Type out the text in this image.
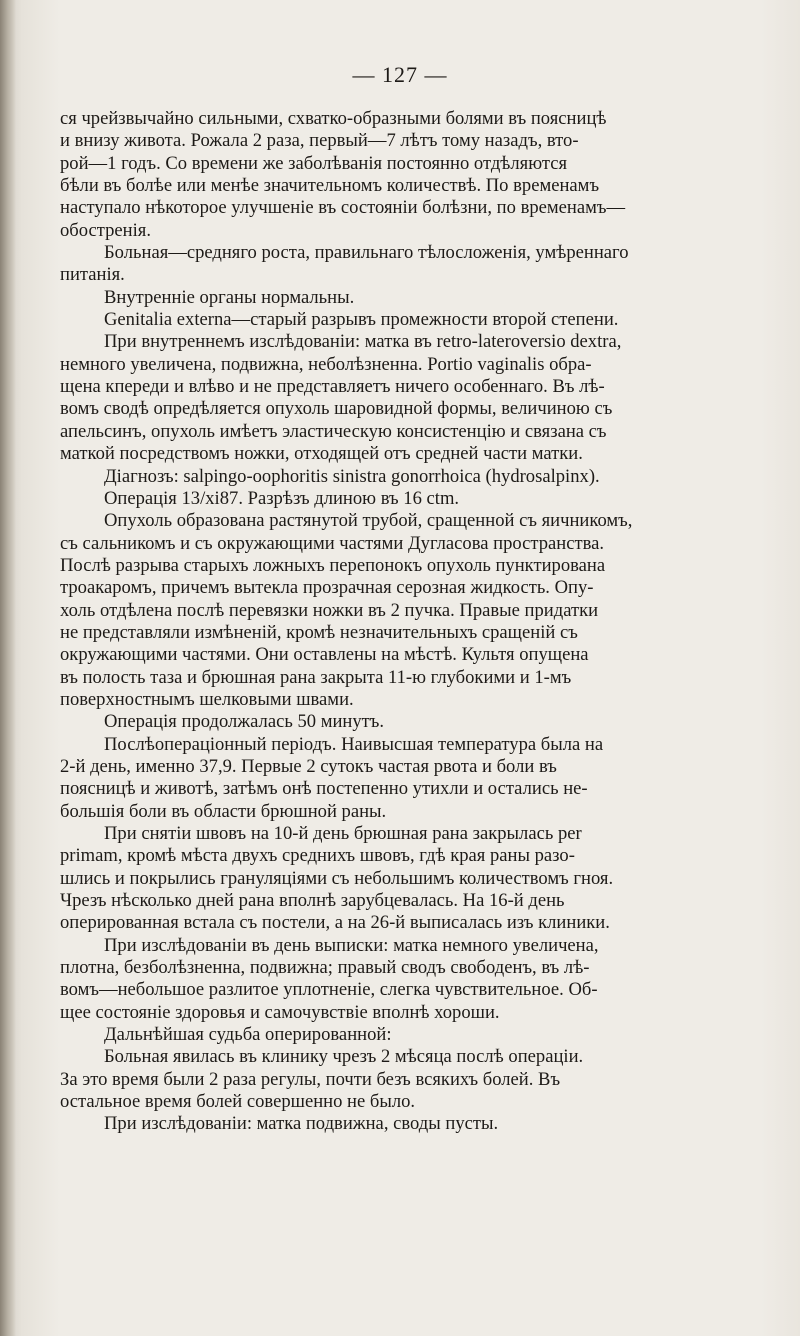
— 127 —
ся чрейзвычайно сильными, схватко-образными болями въ поясницѣ
и внизу живота. Рожала 2 раза, первый—7 лѣтъ тому назадъ, вто-
рой—1 годъ. Со времени же заболѣванія постоянно отдѣляются
бѣли въ болѣе или менѣе значительномъ количествѣ. По временамъ
наступало нѣкоторое улучшеніе въ состояніи болѣзни, по временамъ—
обостренія.
Больная—средняго роста, правильнаго тѣлосложенія, умѣреннаго
питанія.
Внутренніе органы нормальны.
Genitalia externa—старый разрывъ промежности второй степени.
При внутреннемъ изслѣдованіи: матка въ retro-lateroversio dextra,
немного увеличена, подвижна, неболѣзненна. Portio vaginalis обра-
щена кпереди и влѣво и не представляетъ ничего особеннаго. Въ лѣ-
вомъ сводѣ опредѣляется опухоль шаровидной формы, величиною съ
апельсинъ, опухоль имѣетъ эластическую консистенцію и связана съ
маткой посредствомъ ножки, отходящей отъ средней части матки.
Діагнозъ: salpingo-oophoritis sinistra gonorrhoica (hydrosalpinx).
Операція 13/хі87. Разрѣзъ длиною въ 16 ctm.
Опухоль образована растянутой трубой, сращенной съ яичникомъ,
съ сальникомъ и съ окружающими частями Дугласова пространства.
Послѣ разрыва старыхъ ложныхъ перепонокъ опухоль пунктирована
троакаромъ, причемъ вытекла прозрачная серозная жидкость. Опу-
холь отдѣлена послѣ перевязки ножки въ 2 пучка. Правые придатки
не представляли измѣненій, кромѣ незначительныхъ сращеній съ
окружающими частями. Они оставлены на мѣстѣ. Культя опущена
въ полость таза и брюшная рана закрыта 11-ю глубокими и 1-мъ
поверхностнымъ шелковыми швами.
Операція продолжалась 50 минутъ.
Послѣопераціонный періодъ. Наивысшая температура была на
2-й день, именно 37,9. Первые 2 сутокъ частая рвота и боли въ
поясницѣ и животѣ, затѣмъ онѣ постепенно утихли и остались не-
большія боли въ области брюшной раны.
При снятіи швовъ на 10-й день брюшная рана закрылась per
primam, кромѣ мѣста двухъ среднихъ швовъ, гдѣ края раны разо-
шлись и покрылись грануляціями съ небольшимъ количествомъ гноя.
Чрезъ нѣсколько дней рана вполнѣ зарубцевалась. На 16-й день
оперированная встала съ постели, а на 26-й выписалась изъ клиники.
При изслѣдованіи въ день выписки: матка немного увеличена,
плотна, безболѣзненна, подвижна; правый сводъ свободенъ, въ лѣ-
вомъ—небольшое разлитое уплотненіе, слегка чувствительное. Об-
щее состояніе здоровья и самочувствіе вполнѣ хороши.
Дальнѣйшая судьба оперированной:
Больная явилась въ клинику чрезъ 2 мѣсяца послѣ операціи.
За это время были 2 раза регулы, почти безъ всякихъ болей. Въ
остальное время болей совершенно не было.
При изслѣдованіи: матка подвижна, своды пусты.
